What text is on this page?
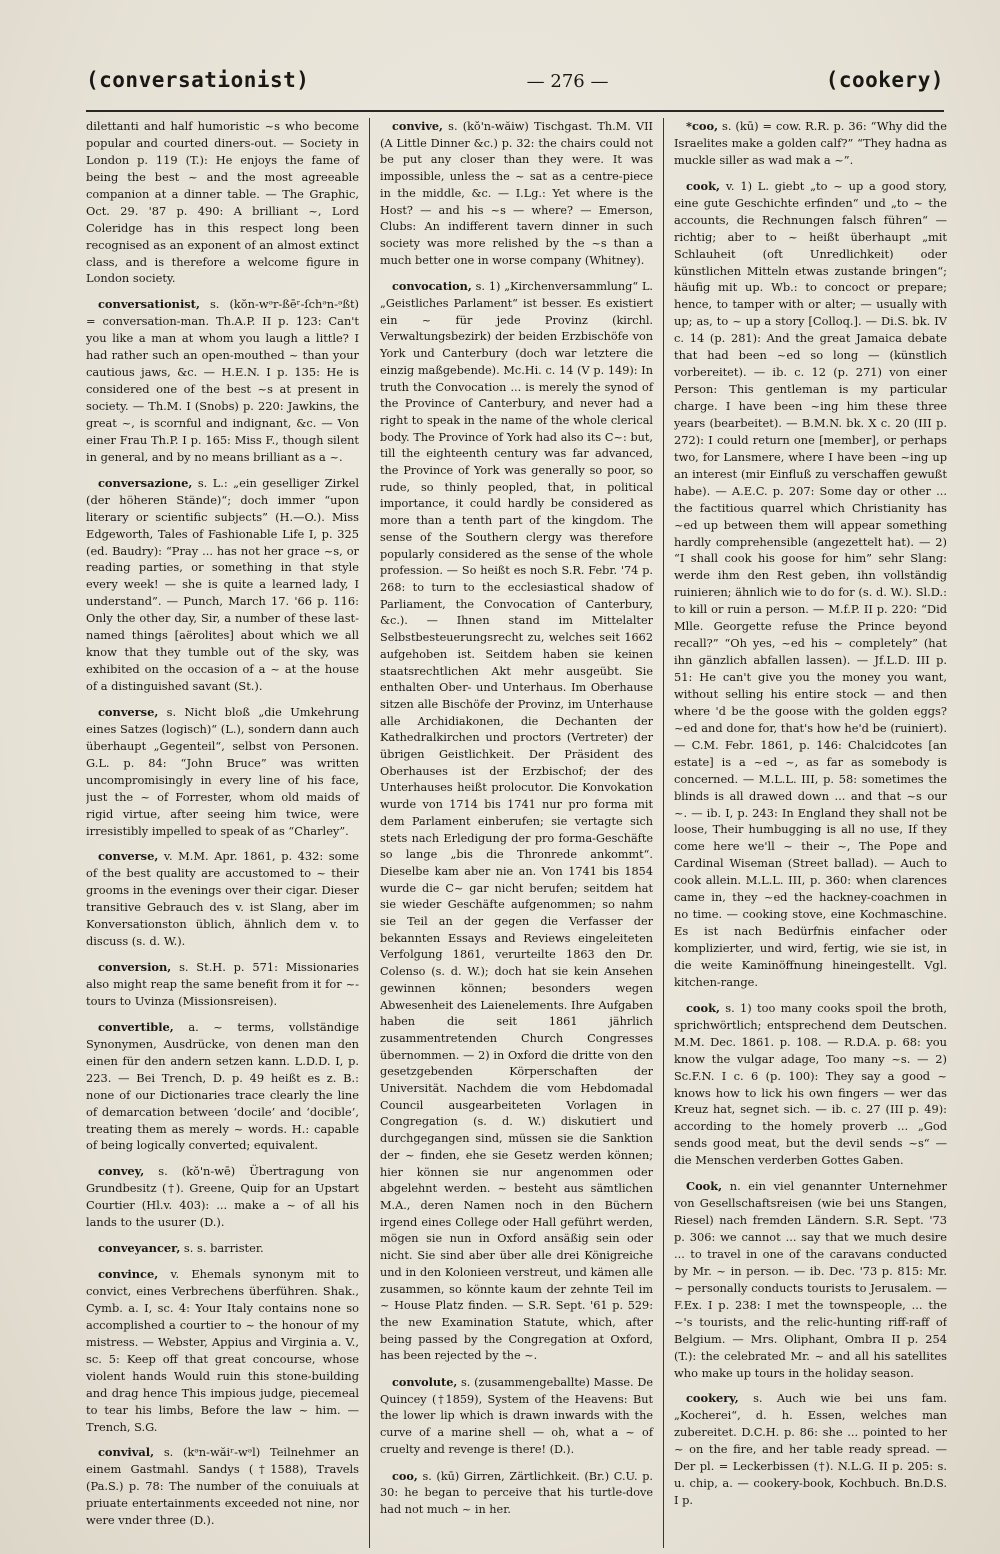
(conversationist)	— 276 —	(cookery)

dilettanti and half humoristic ~s who become popular and courted diners-out. — Society in London p. 119 (T.): He enjoys the fame of being the best ~ and the most agreeable companion at a dinner table. — The Graphic, Oct. 29. '87 p. 490: A brilliant ~, Lord Coleridge has in this respect long been recognised as an exponent of an almost extinct class, and is therefore a welcome figure in London society.

conversationist, s. (kŏn-wᵊr-ßēʳ-ſchᵊn-ᵊßt) = conversation-man. Th.A.P. II p. 123: Can't you like a man at whom you laugh a little? I had rather such an open-mouthed ~ than your cautious jaws, &c. — H.E.N. I p. 135: He is considered one of the best ~s at present in society. — Th.M. I (Snobs) p. 220: Jawkins, the great ~, is scornful and indignant, &c. — Von einer Frau Th.P. I p. 165: Miss F., though silent in general, and by no means brilliant as a ~.

conversazione, s. L.: „ein geselliger Zirkel (der höheren Stände)“; doch immer “upon literary or scientific subjects” (H.—O.). Miss Edgeworth, Tales of Fashionable Life I, p. 325 (ed. Baudry): “Pray ... has not her grace ~s, or reading parties, or something in that style every week! — she is quite a learned lady, I understand”. — Punch, March 17. '66 p. 116: Only the other day, Sir, a number of these last-named things [aërolites] about which we all know that they tumble out of the sky, was exhibited on the occasion of a ~ at the house of a distinguished savant (St.).

converse, s. Nicht bloß „die Umkehrung eines Satzes (logisch)“ (L.), sondern dann auch überhaupt „Gegenteil“, selbst von Personen. G.L. p. 84: “John Bruce” was written uncompromisingly in every line of his face, just the ~ of Forrester, whom old maids of rigid virtue, after seeing him twice, were irresistibly impelled to speak of as “Charley”.

converse, v. M.M. Apr. 1861, p. 432: some of the best quality are accustomed to ~ their grooms in the evenings over their cigar. Dieser transitive Gebrauch des v. ist Slang, aber im Konversationston üblich, ähnlich dem v. to discuss (s. d. W.).

conversion, s. St.H. p. 571: Missionaries also might reap the same benefit from it for ~-tours to Uvinza (Missionsreisen).

convertible, a. ~ terms, vollständige Synonymen, Ausdrücke, von denen man den einen für den andern setzen kann. L.D.D. I, p. 223. — Bei Trench, D. p. 49 heißt es z. B.: none of our Dictionaries trace clearly the line of demarcation between ‘docile’ and ‘docible’, treating them as merely ~ words. H.: capable of being logically converted; equivalent.

convey, s. (kŏ'n-wē) Übertragung von Grundbesitz (†). Greene, Quip for an Upstart Courtier (Hl.v. 403): ... make a ~ of all his lands to the usurer (D.).

conveyancer, s. s. barrister.

convince, v. Ehemals synonym mit to convict, eines Verbrechens überführen. Shak., Cymb. a. I, sc. 4: Your Italy contains none so accomplished a courtier to ~ the honour of my mistress. — Webster, Appius and Virginia a. V., sc. 5: Keep off that great concourse, whose violent hands Would ruin this stone-building and drag hence This impious judge, piecemeal to tear his limbs, Before the law ~ him. — Trench, S.G.

convival, s. (kᵊn-wăiʳ-wᵊl) Teilnehmer an einem Gastmahl. Sandys (†1588), Travels (Pa.S.) p. 78: The number of the conuiuals at priuate entertainments exceeded not nine, nor were vnder three (D.).

convive, s. (kŏ'n-wăiw) Tischgast. Th.M. VII (A Little Dinner &c.) p. 32: the chairs could not be put any closer than they were. It was impossible, unless the ~ sat as a centre-piece in the middle, &c. — I.Lg.: Yet where is the Host? — and his ~s — where? — Emerson, Clubs: An indifferent tavern dinner in such society was more relished by the ~s than a much better one in worse company (Whitney).

convocation, s. 1) „Kirchenversammlung“ L. „Geistliches Parlament“ ist besser. Es existiert ein ~ für jede Provinz (kirchl. Verwaltungsbezirk) der beiden Erzbischöfe von York und Canterbury (doch war letztere die einzig maßgebende). Mc.Hi. c. 14 (V p. 149): In truth the Convocation ... is merely the synod of the Province of Canterbury, and never had a right to speak in the name of the whole clerical body. The Province of York had also its C~: but, till the eighteenth century was far advanced, the Province of York was generally so poor, so rude, so thinly peopled, that, in political importance, it could hardly be considered as more than a tenth part of the kingdom. The sense of the Southern clergy was therefore popularly considered as the sense of the whole profession. — So heißt es noch S.R. Febr. '74 p. 268: to turn to the ecclesiastical shadow of Parliament, the Convocation of Canterbury, &c.). — Ihnen stand im Mittelalter Selbstbesteuerungsrecht zu, welches seit 1662 aufgehoben ist. Seitdem haben sie keinen staatsrechtlichen Akt mehr ausgeübt. Sie enthalten Ober- und Unterhaus. Im Oberhause sitzen alle Bischöfe der Provinz, im Unterhause alle Archidiakonen, die Dechanten der Kathedralkirchen und proctors (Vertreter) der übrigen Geistlichkeit. Der Präsident des Oberhauses ist der Erzbischof; der des Unterhauses heißt prolocutor. Die Konvokation wurde von 1714 bis 1741 nur pro forma mit dem Parlament einberufen; sie vertagte sich stets nach Erledigung der pro forma-Geschäfte so lange „bis die Thronrede ankommt“. Dieselbe kam aber nie an. Von 1741 bis 1854 wurde die C~ gar nicht berufen; seitdem hat sie wieder Geschäfte aufgenommen; so nahm sie Teil an der gegen die Verfasser der bekannten Essays and Reviews eingeleiteten Verfolgung 1861, verurteilte 1863 den Dr. Colenso (s. d. W.); doch hat sie kein Ansehen gewinnen können; besonders wegen Abwesenheit des Laienelements. Ihre Aufgaben haben die seit 1861 jährlich zusammentretenden Church Congresses übernommen. — 2) in Oxford die dritte von den gesetzgebenden Körperschaften der Universität. Nachdem die vom Hebdomadal Council ausgearbeiteten Vorlagen in Congregation (s. d. W.) diskutiert und durchgegangen sind, müssen sie die Sanktion der ~ finden, ehe sie Gesetz werden können; hier können sie nur angenommen oder abgelehnt werden. ~ besteht aus sämtlichen M.A., deren Namen noch in den Büchern irgend eines College oder Hall geführt werden, mögen sie nun in Oxford ansäßig sein oder nicht. Sie sind aber über alle drei Königreiche und in den Kolonieen verstreut, und kämen alle zusammen, so könnte kaum der zehnte Teil im ~ House Platz finden. — S.R. Sept. '61 p. 529: the new Examination Statute, which, after being passed by the Congregation at Oxford, has been rejected by the ~.

convolute, s. (zusammengeballte) Masse. De Quincey (†1859), System of the Heavens: But the lower lip which is drawn inwards with the curve of a marine shell — oh, what a ~ of cruelty and revenge is there! (D.).

coo, s. (kū) Girren, Zärtlichkeit. (Br.) C.U. p. 30: he began to perceive that his turtle-dove had not much ~ in her.

*coo, s. (kū) = cow. R.R. p. 36: “Why did the Israelites make a golden calf?” “They hadna as muckle siller as wad mak a ~”.

cook, v. 1) L. giebt „to ~ up a good story, eine gute Geschichte erfinden“ und „to ~ the accounts, die Rechnungen falsch führen“ — richtig; aber to ~ heißt überhaupt „mit Schlauheit (oft Unredlichkeit) oder künstlichen Mitteln etwas zustande bringen“; häufig mit up. Wb.: to concoct or prepare; hence, to tamper with or alter; — usually with up; as, to ~ up a story [Colloq.]. — Di.S. bk. IV c. 14 (p. 281): And the great Jamaica debate that had been ~ed so long — (künstlich vorbereitet). — ib. c. 12 (p. 271) von einer Person: This gentleman is my particular charge. I have been ~ing him these three years (bearbeitet). — B.M.N. bk. X c. 20 (III p. 272): I could return one [member], or perhaps two, for Lansmere, where I have been ~ing up an interest (mir Einfluß zu verschaffen gewußt habe). — A.E.C. p. 207: Some day or other ... the factitious quarrel which Christianity has ~ed up between them will appear something hardly comprehensible (angezettelt hat). — 2) “I shall cook his goose for him” sehr Slang: werde ihm den Rest geben, ihn vollständig ruinieren; ähnlich wie to do for (s. d. W.). Sl.D.: to kill or ruin a person. — M.f.P. II p. 220: “Did Mlle. Georgette refuse the Prince beyond recall?” “Oh yes, ~ed his ~ completely” (hat ihn gänzlich abfallen lassen). — Jf.L.D. III p. 51: He can't give you the money you want, without selling his entire stock — and then where 'd be the goose with the golden eggs? ~ed and done for, that's how he'd be (ruiniert). — C.M. Febr. 1861, p. 146: Chalcidcotes [an estate] is a ~ed ~, as far as somebody is concerned. — M.L.L. III, p. 58: sometimes the blinds is all drawed down ... and that ~s our ~. — ib. I, p. 243: In England they shall not be loose, Their humbugging is all no use, If they come here we'll ~ their ~, The Pope and Cardinal Wiseman (Street ballad). — Auch to cook allein. M.L.L. III, p. 360: when clarences came in, they ~ed the hackney-coachmen in no time. — cooking stove, eine Kochmaschine. Es ist nach Bedürfnis einfacher oder komplizierter, und wird, fertig, wie sie ist, in die weite Kaminöffnung hineingestellt. Vgl. kitchen-range.

cook, s. 1) too many cooks spoil the broth, sprichwörtlich; entsprechend dem Deutschen. M.M. Dec. 1861. p. 108. — R.D.A. p. 68: you know the vulgar adage, Too many ~s. — 2) Sc.F.N. I c. 6 (p. 100): They say a good ~ knows how to lick his own fingers — wer das Kreuz hat, segnet sich. — ib. c. 27 (III p. 49): according to the homely proverb ... „God sends good meat, but the devil sends ~s“ — die Menschen verderben Gottes Gaben.

Cook, n. ein viel genannter Unternehmer von Gesellschaftsreisen (wie bei uns Stangen, Riesel) nach fremden Ländern. S.R. Sept. '73 p. 306: we cannot ... say that we much desire ... to travel in one of the caravans conducted by Mr. ~ in person. — ib. Dec. '73 p. 815: Mr. ~ personally conducts tourists to Jerusalem. — F.Ex. I p. 238: I met the townspeople, ... the ~'s tourists, and the relic-hunting riff-raff of Belgium. — Mrs. Oliphant, Ombra II p. 254 (T.): the celebrated Mr. ~ and all his satellites who make up tours in the holiday season.

cookery, s. Auch wie bei uns fam. „Kocherei“, d. h. Essen, welches man zubereitet. D.C.H. p. 86: she ... pointed to her ~ on the fire, and her table ready spread. — Der pl. = Leckerbissen (†). N.L.G. II p. 205: s. u. chip, a. — cookery-book, Kochbuch. Bn.D.S. I p.
